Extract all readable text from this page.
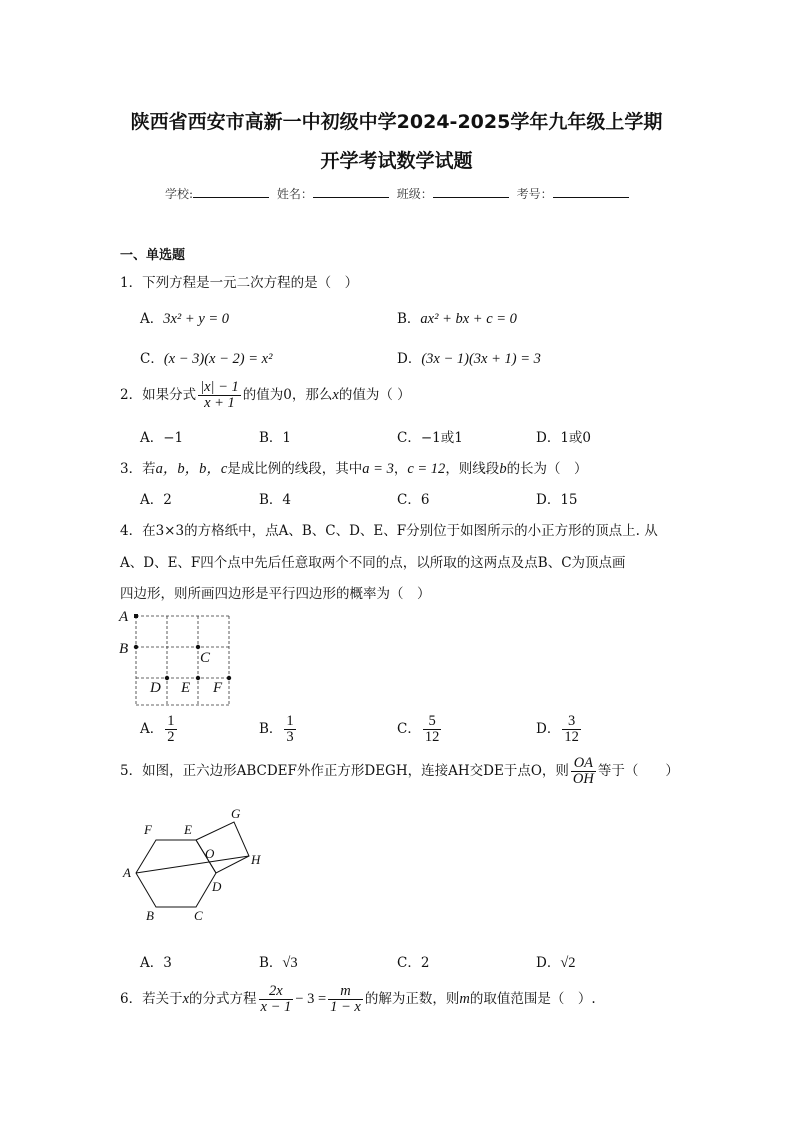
陕西省西安市高新一中初级中学2024-2025学年九年级上学期
开学考试数学试题
学校:	姓名：	班级：	考号：
一、单选题
1．下列方程是一元二次方程的是（　）
A．3x² + y = 0	B．ax² + bx + c = 0
C．(x − 3)(x − 2) = x²	D．(3x − 1)(3x + 1) = 3
2．如果分式 $\frac{|x| - 1}{x + 1}$ 的值为0，那么x的值为（ ）
A．−1	B．1	C．−1或1	D．1或0
3．若a，b，b，c是成比例的线段，其中a = 3，c = 12，则线段b的长为（　）
A．2	B．4	C．6	D．15
4．在3×3的方格纸中，点A、B、C、D、E、F分别位于如图所示的小正方形的顶点上. 从
A、D、E、F四个点中先后任意取两个不同的点，以所取的这两点及点B、C为顶点画
四边形，则所画四边形是平行四边形的概率为（　）
A
B
C
D E F
A． $\frac{1}{2}$	B． $\frac{1}{3}$	C． $\frac{5}{12}$	D． $\frac{3}{12}$
5．如图，正六边形ABCDEF外作正方形DEGH，连接AH交DE于点O，则 $\frac{OA}{OH}$ 等于（　　）
A
B	C
D
E
F
G
H
O
A．3	B．√3	C．2	D．√2
6．若关于x的分式方程 $\frac{2x}{x - 1} - 3 = \frac{m}{1 - x}$ 的解为正数，则m的取值范围是（　）.
